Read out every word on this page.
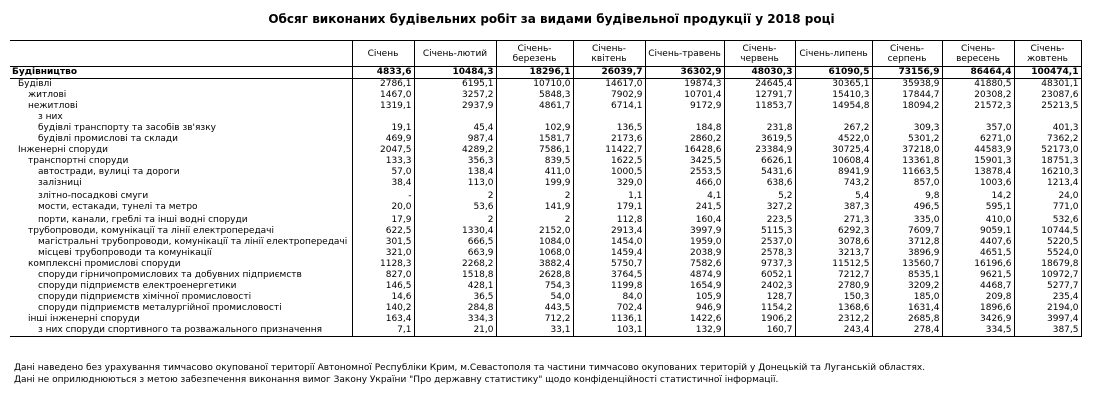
Обсяг виконаних будівельних робіт за видами будівельної продукції у 2018 році
	Січень	Січень-лютий	Січень-березень	Січень-квітень	Січень-травень	Січень-червень	Січень-липень	Січень-серпень	Січень-вересень	Січень-жовтень
Будівництво	4833,6	10484,3	18296,1	26039,7	36302,9	48030,3	61090,5	73156,9	86464,4	100474,1
Будівлі	2786,1	6195,1	10710,0	14617,0	19874,3	24645,4	30365,1	35938,9	41880,5	48301,1
житлові	1467,0	3257,2	5848,3	7902,9	10701,4	12791,7	15410,3	17844,7	20308,2	23087,6
нежитлові	1319,1	2937,9	4861,7	6714,1	9172,9	11853,7	14954,8	18094,2	21572,3	25213,5
з них										
будівлі транспорту та засобів зв'язку	19,1	45,4	102,9	136,5	184,8	231,8	267,2	309,3	357,0	401,3
будівлі промислові та склади	469,9	987,4	1581,7	2173,6	2860,2	3619,5	4522,0	5301,2	6271,0	7362,2
Інженерні споруди	2047,5	4289,2	7586,1	11422,7	16428,6	23384,9	30725,4	37218,0	44583,9	52173,0
транспортні споруди	133,3	356,3	839,5	1622,5	3425,5	6626,1	10608,4	13361,8	15901,3	18751,3
автостради, вулиці та дороги	57,0	138,4	411,0	1000,5	2553,5	5431,6	8941,9	11663,5	13878,4	16210,3
залізниці	38,4	113,0	199,9	329,0	466,0	638,6	743,2	857,0	1003,6	1213,4
злітно-посадкові смуги	-	2	2	1,1	4,1	5,2	5,4	9,8	14,2	24,0
мости, естакади, тунелі та метро	20,0	53,6	141,9	179,1	241,5	327,2	387,3	496,5	595,1	771,0
порти, канали, греблі та інші водні споруди	17,9	2	2	112,8	160,4	223,5	271,3	335,0	410,0	532,6
трубопроводи, комунікації та лінії електропередачі	622,5	1330,4	2152,0	2913,4	3997,9	5115,3	6292,3	7609,7	9059,1	10744,5
магістральні трубопроводи, комунікації та лінії електропередачі	301,5	666,5	1084,0	1454,0	1959,0	2537,0	3078,6	3712,8	4407,6	5220,5
місцеві трубопроводи та комунікації	321,0	663,9	1068,0	1459,4	2038,9	2578,3	3213,7	3896,9	4651,5	5524,0
комплексні промислові споруди	1128,3	2268,2	3882,4	5750,7	7582,6	9737,3	11512,5	13560,7	16196,6	18679,8
споруди гірничопромислових та добувних підприємств	827,0	1518,8	2628,8	3764,5	4874,9	6052,1	7212,7	8535,1	9621,5	10972,7
споруди підприємств електроенергетики	146,5	428,1	754,3	1199,8	1654,9	2402,3	2780,9	3209,2	4468,7	5277,7
споруди підприємств хімічної промисловості	14,6	36,5	54,0	84,0	105,9	128,7	150,3	185,0	209,8	235,4
споруди підприємств металургійної промисловості	140,2	284,8	443,5	702,4	946,9	1154,2	1368,6	1631,4	1896,6	2194,0
інші інженерні споруди	163,4	334,3	712,2	1136,1	1422,6	1906,2	2312,2	2685,8	3426,9	3997,4
з них споруди спортивного та розважального призначення	7,1	21,0	33,1	103,1	132,9	160,7	243,4	278,4	334,5	387,5
Дані наведено без урахування тимчасово окупованої території Автономної Республіки Крим, м.Севастополя та частини тимчасово окупованих територій у Донецькій та Луганській областях.
Дані не оприлюднюються з метою забезпечення виконання вимог Закону України "Про державну статистику" щодо конфіденційності статистичної інформації.
